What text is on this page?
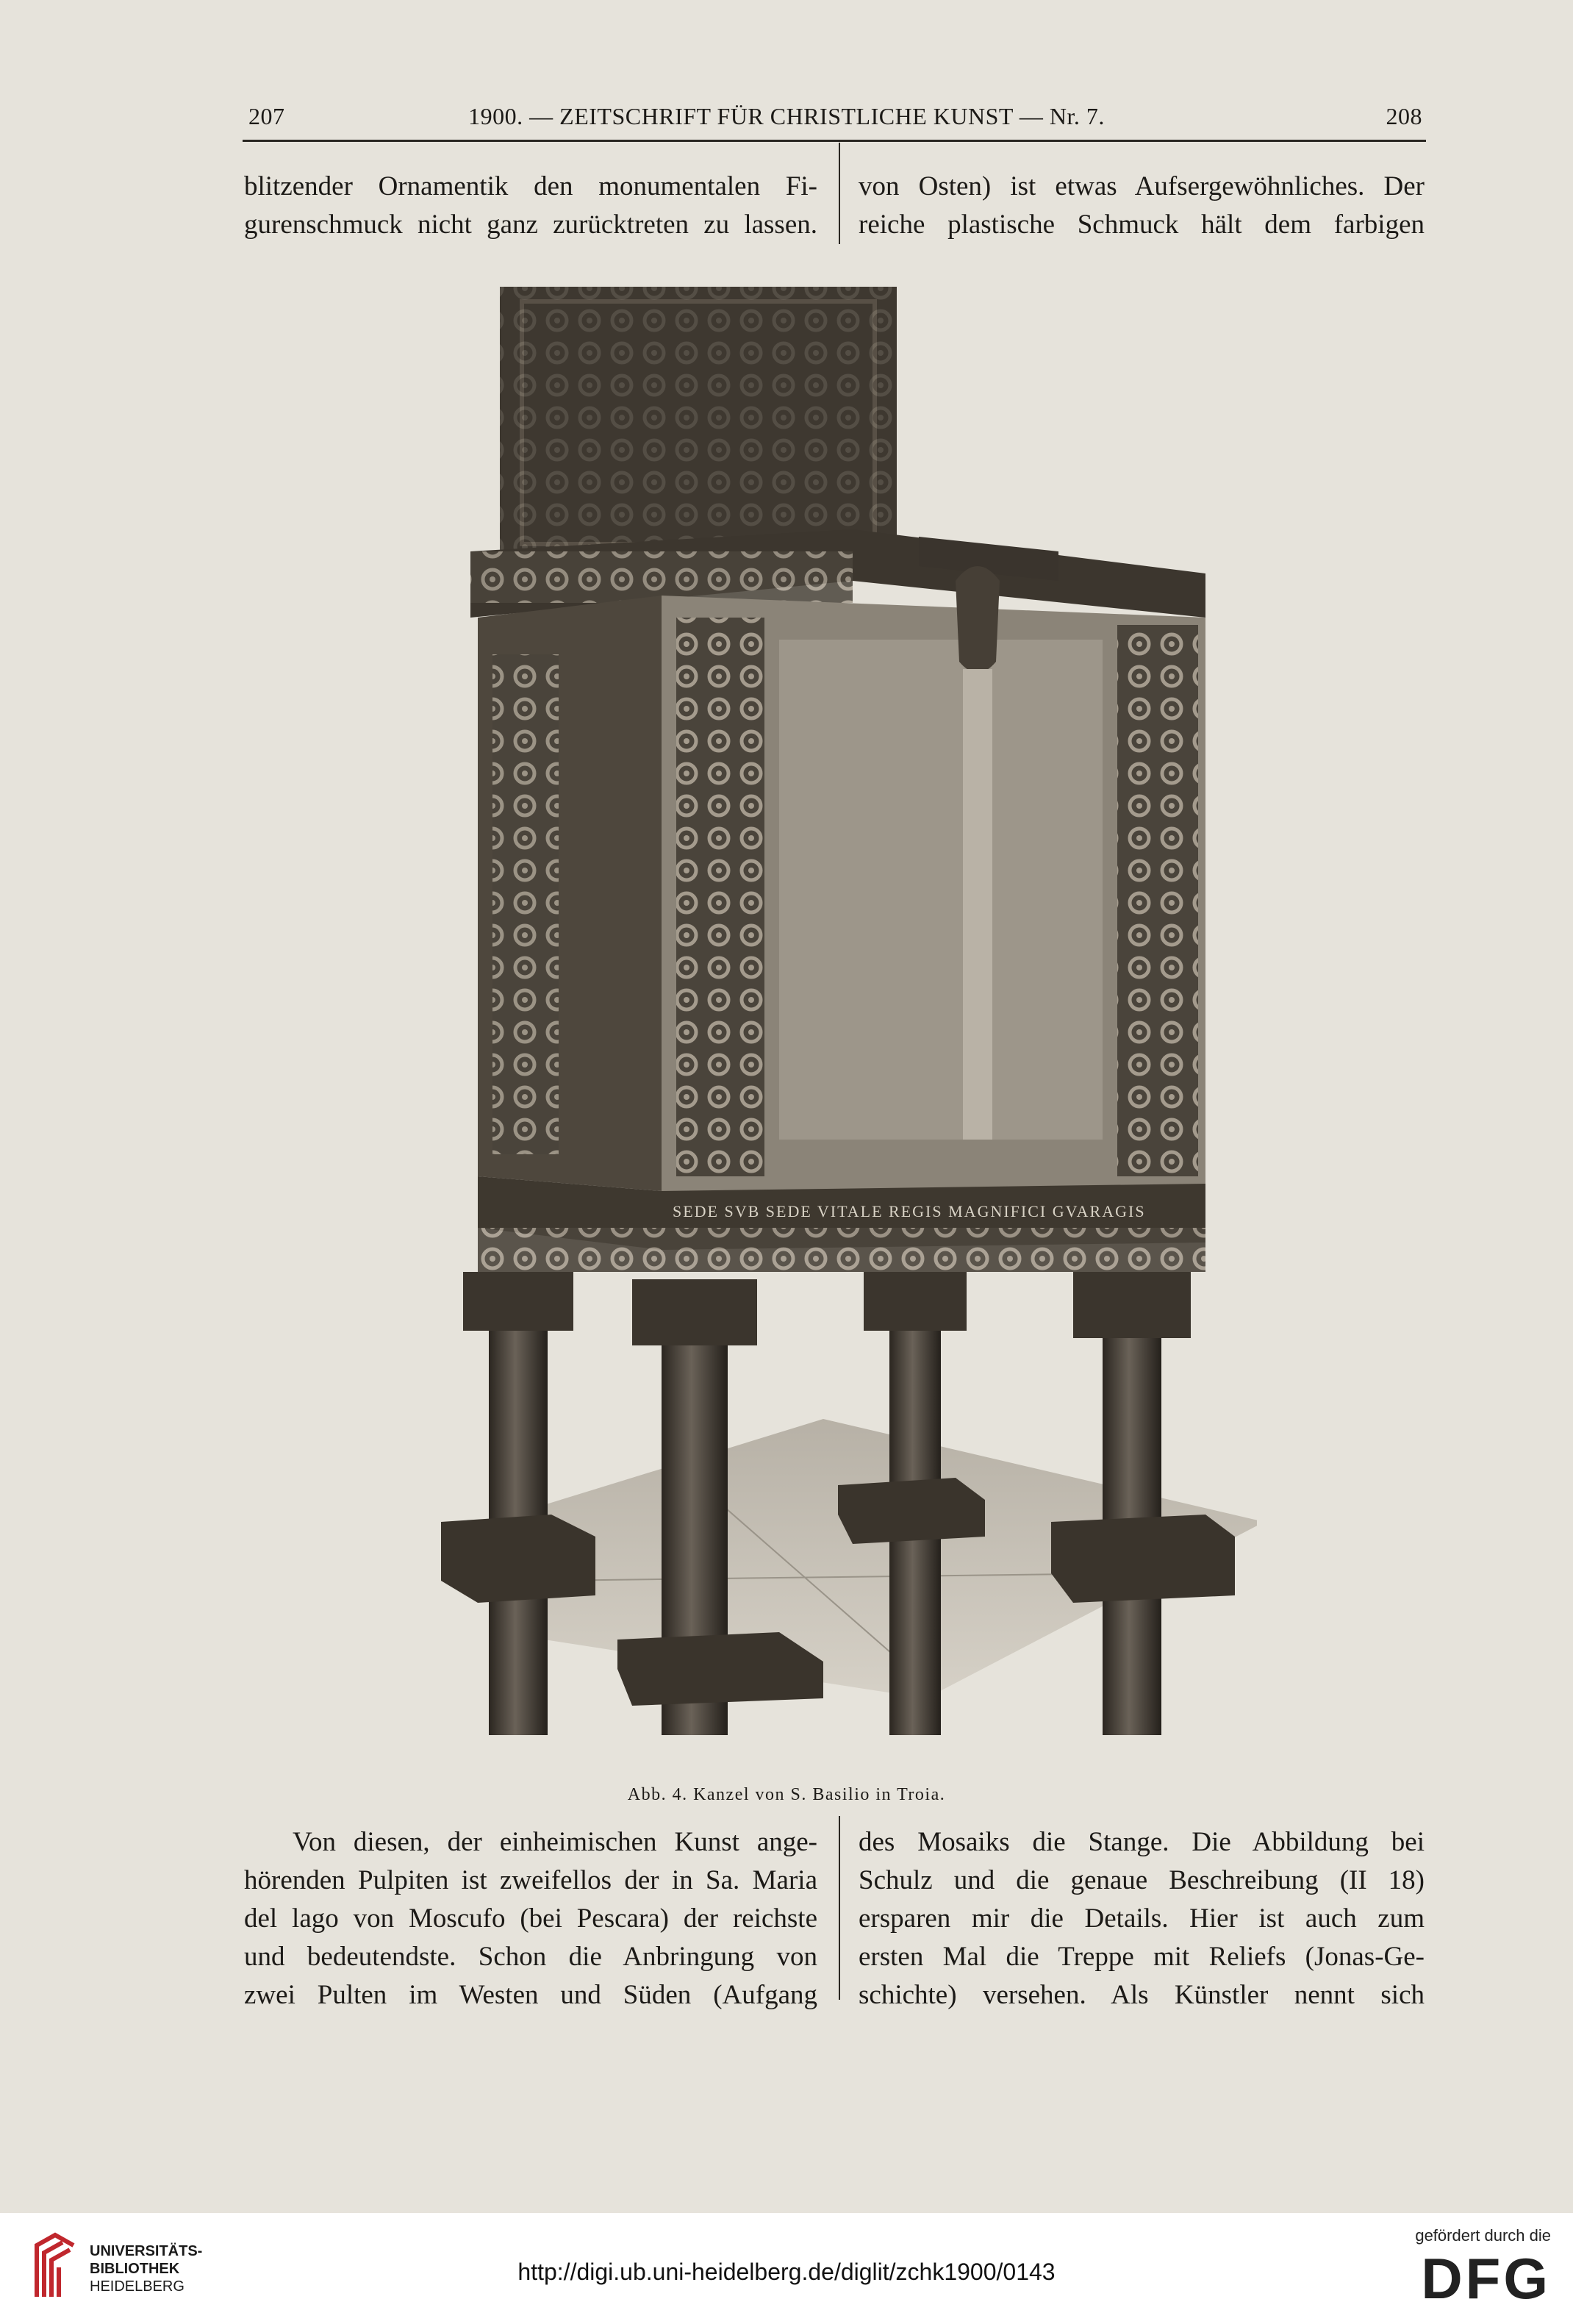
207	1900. — ZEITSCHRIFT FÜR CHRISTLICHE KUNST — Nr. 7.	208
blitzender Ornamentik den monumentalen Fi-
gurenschmuck nicht ganz zurücktreten zu lassen.
von Osten) ist etwas Aufsergewöhnliches. Der
reiche plastische Schmuck hält dem farbigen
SEDE SVB SEDE VITALE REGIS MAGNIFICI GVARAGIS
Abb. 4. Kanzel von S. Basilio in Troia.
Von diesen, der einheimischen Kunst ange-
hörenden Pulpiten ist zweifellos der in Sa. Maria
del lago von Moscufo (bei Pescara) der reichste
und bedeutendste. Schon die Anbringung von
zwei Pulten im Westen und Süden (Aufgang
des Mosaiks die Stange. Die Abbildung bei
Schulz und die genaue Beschreibung (II 18)
ersparen mir die Details. Hier ist auch zum
ersten Mal die Treppe mit Reliefs (Jonas-Ge-
schichte) versehen. Als Künstler nennt sich
UNIVERSITÄTS-
BIBLIOTHEK
HEIDELBERG
http://digi.ub.uni-heidelberg.de/diglit/zchk1900/0143
gefördert durch die
DFG
